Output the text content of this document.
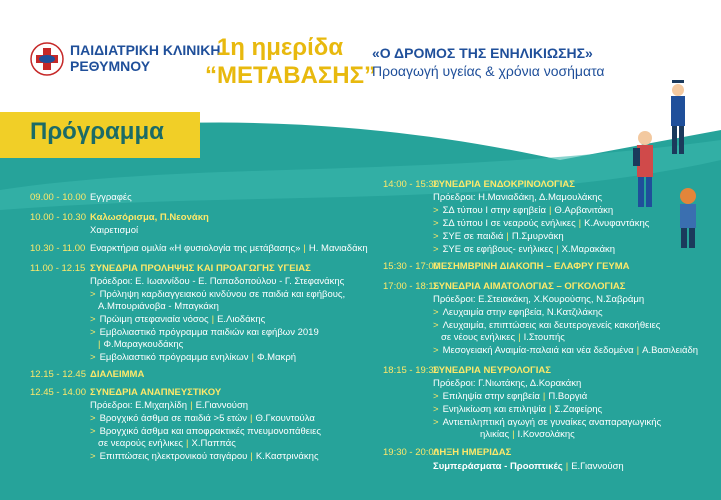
ΠΑΙΔΙΑΤΡΙΚΗ ΚΛΙΝΙΚΗ
ΡΕΘΥΜΝΟΥ
1η ημερίδα
“ΜΕΤΑΒΑΣΗΣ”
«Ο ΔΡΟΜΟΣ ΤΗΣ ΕΝΗΛΙΚΙΩΣΗΣ»
Προαγωγή υγείας & χρόνια νοσήματα
Πρόγραμμα
09.00 - 10.00 Εγγραφές
10.00 - 10.30 Καλωσόρισμα, Π.Νεονάκη
Χαιρετισμοί
10.30 - 11.00 Εναρκτήρια ομιλία «Η φυσιολογία της μετάβασης» | Η. Μανιαδάκη
11.00 - 12.15 ΣΥΝΕΔΡΙΑ ΠΡΟΛΗΨΗΣ ΚΑΙ ΠΡΟΑΓΩΓΗΣ ΥΓΕΙΑΣ
Πρόεδροι: Ε. Ιωαννίδου - Ε. Παπαδοπούλου - Γ. Στεφανάκης
> Πρόληψη καρδιαγγειακού κινδύνου σε παιδιά και εφήβους,
Α.Μπουριάνοβα - Μπαγκάκη
> Πρώιμη στεφανιαία νόσος | Ε.Λιοδάκης
> Εμβολιαστικό πρόγραμμα παιδιών και εφήβων 2019
| Φ.Μαραγκουδάκης
> Εμβολιαστικό πρόγραμμα ενηλίκων | Φ.Μακρή
12.15 - 12.45 ΔΙΑΛΕΙΜΜΑ
12.45 - 14.00 ΣΥΝΕΔΡΙΑ ΑΝΑΠΝΕΥΣΤΙΚΟΥ
Πρόεδροι: Ε.Μιχαηλίδη | Ε.Γιαννούση
> Βρογχικό άσθμα σε παιδιά >5 ετών | Θ.Γκουντούλα
> Βρογχικό άσθμα και αποφρακτικές πνευμονοπάθειες
σε νεαρούς ενήλικες | Χ.Παππάς
> Επιπτώσεις ηλεκτρονικού τσιγάρου | Κ.Καστρινάκης
14:00 - 15:30
ΣΥΝΕΔΡΙΑ ΕΝΔΟΚΡΙΝΟΛΟΓΙΑΣ
Πρόεδροι: Η.Μανιαδάκη, Δ.Μαμουλάκης
> ΣΔ τύπου Ι στην εφηβεία | Θ.Αρβανιτάκη
> ΣΔ τύπου Ι σε νεαρούς ενήλικες | Κ.Ανυφαντάκης
> ΣΥΕ σε παιδιά | Π.Σμυρνάκη
> ΣΥΕ σε εφήβους- ενήλικες | Χ.Μαρακάκη
15:30 - 17:00
ΜΕΣΗΜΒΡΙΝΗ ΔΙΑΚΟΠΗ – ΕΛΑΦΡΥ ΓΕΥΜΑ
17:00 - 18:15
ΣΥΝΕΔΡΙΑ ΑΙΜΑΤΟΛΟΓΙΑΣ – ΟΓΚΟΛΟΓΙΑΣ
Πρόεδροι: Ε.Στειακάκη, Χ.Κουρούσης, Ν.Σαβράμη
> Λευχαιμία στην εφηβεία, Ν.Κατζιλάκης
> Λευχαιμία, επιπτώσεις και δευτερογενείς κακοήθειες
σε νέους ενήλικες | Ι.Στουπής
> Μεσογειακή Αναιμία-παλαιά και νέα δεδομένα | Α.Βασιλειάδη
18:15 - 19:30
ΣΥΝΕΔΡΙΑ ΝΕΥΡΟΛΟΓΙΑΣ
Πρόεδροι: Γ.Νιωτάκης, Δ.Κορακάκη
> Επιληψία στην εφηβεία | Π.Βοργιά
> Ενηλικίωση και επιληψία | Σ.Ζαφείρης
> Αντιεπιληπτική αγωγή σε γυναίκες αναπαραγωγικής
ηλικίας | Ι.Κονσολάκης
19:30 - 20:00
ΛΗΞΗ ΗΜΕΡΙΔΑΣ
Συμπεράσματα - Προοπτικές | Ε.Γιαννούση
